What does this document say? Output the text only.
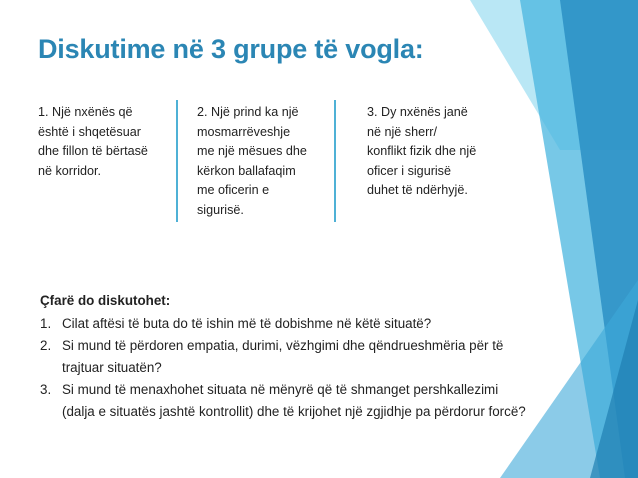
Diskutime në 3 grupe të vogla:
1. Një nxënës që
është i shqetësuar
dhe fillon të bërtasë
në korridor.
2. Një prind ka një
mosmarrëveshje
me një mësues dhe
kërkon ballafaqim
me oficerin e
sigurisë.
3. Dy nxënës janë
në një sherr/
konflikt fizik dhe një
oficer i sigurisë
duhet të ndërhyjë.
Çfarë do diskutohet:
1. Cilat aftësi të buta do të ishin më të dobishme në këtë situatë?
2. Si mund të përdoren empatia, durimi, vëzhgimi dhe qëndrueshmëria për të trajtuar situatën?
3. Si mund të menaxhohet situata në mënyrë që të shmanget pershkallezimi (dalja e situatës jashtë kontrollit) dhe të krijohet një zgjidhje pa përdorur forcë?
